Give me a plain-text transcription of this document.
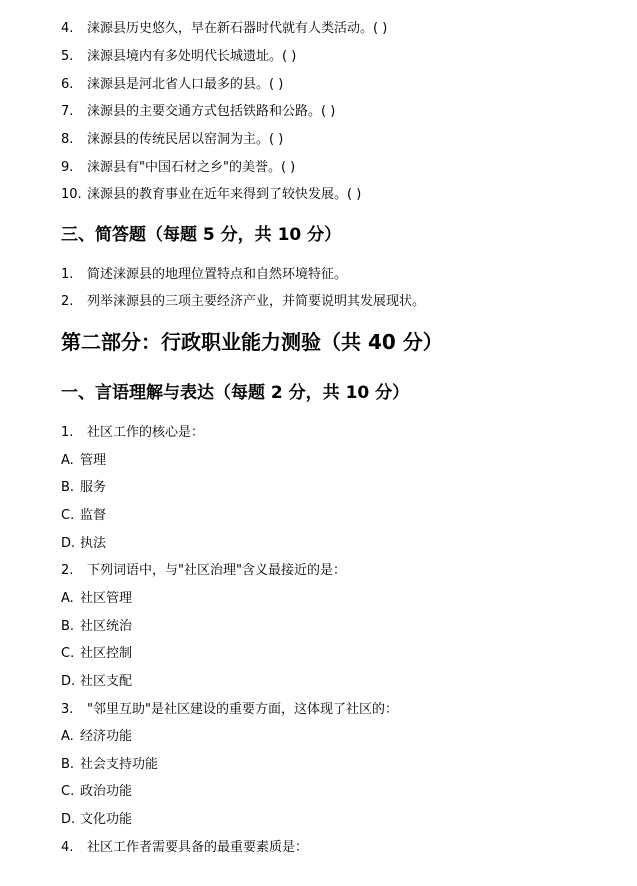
4. 涞源县历史悠久，早在新石器时代就有人类活动。( )
5. 涞源县境内有多处明代长城遗址。( )
6. 涞源县是河北省人口最多的县。( )
7. 涞源县的主要交通方式包括铁路和公路。( )
8. 涞源县的传统民居以窑洞为主。( )
9. 涞源县有"中国石材之乡"的美誉。( )
10. 涞源县的教育事业在近年来得到了较快发展。( )
三、简答题（每题 5 分，共 10 分）
1. 简述涞源县的地理位置特点和自然环境特征。
2. 列举涞源县的三项主要经济产业，并简要说明其发展现状。
第二部分：行政职业能力测验（共 40 分）
一、言语理解与表达（每题 2 分，共 10 分）
1. 社区工作的核心是：
A. 管理
B. 服务
C. 监督
D. 执法
2. 下列词语中，与"社区治理"含义最接近的是：
A. 社区管理
B. 社区统治
C. 社区控制
D. 社区支配
3. "邻里互助"是社区建设的重要方面，这体现了社区的：
A. 经济功能
B. 社会支持功能
C. 政治功能
D. 文化功能
4. 社区工作者需要具备的最重要素质是：
